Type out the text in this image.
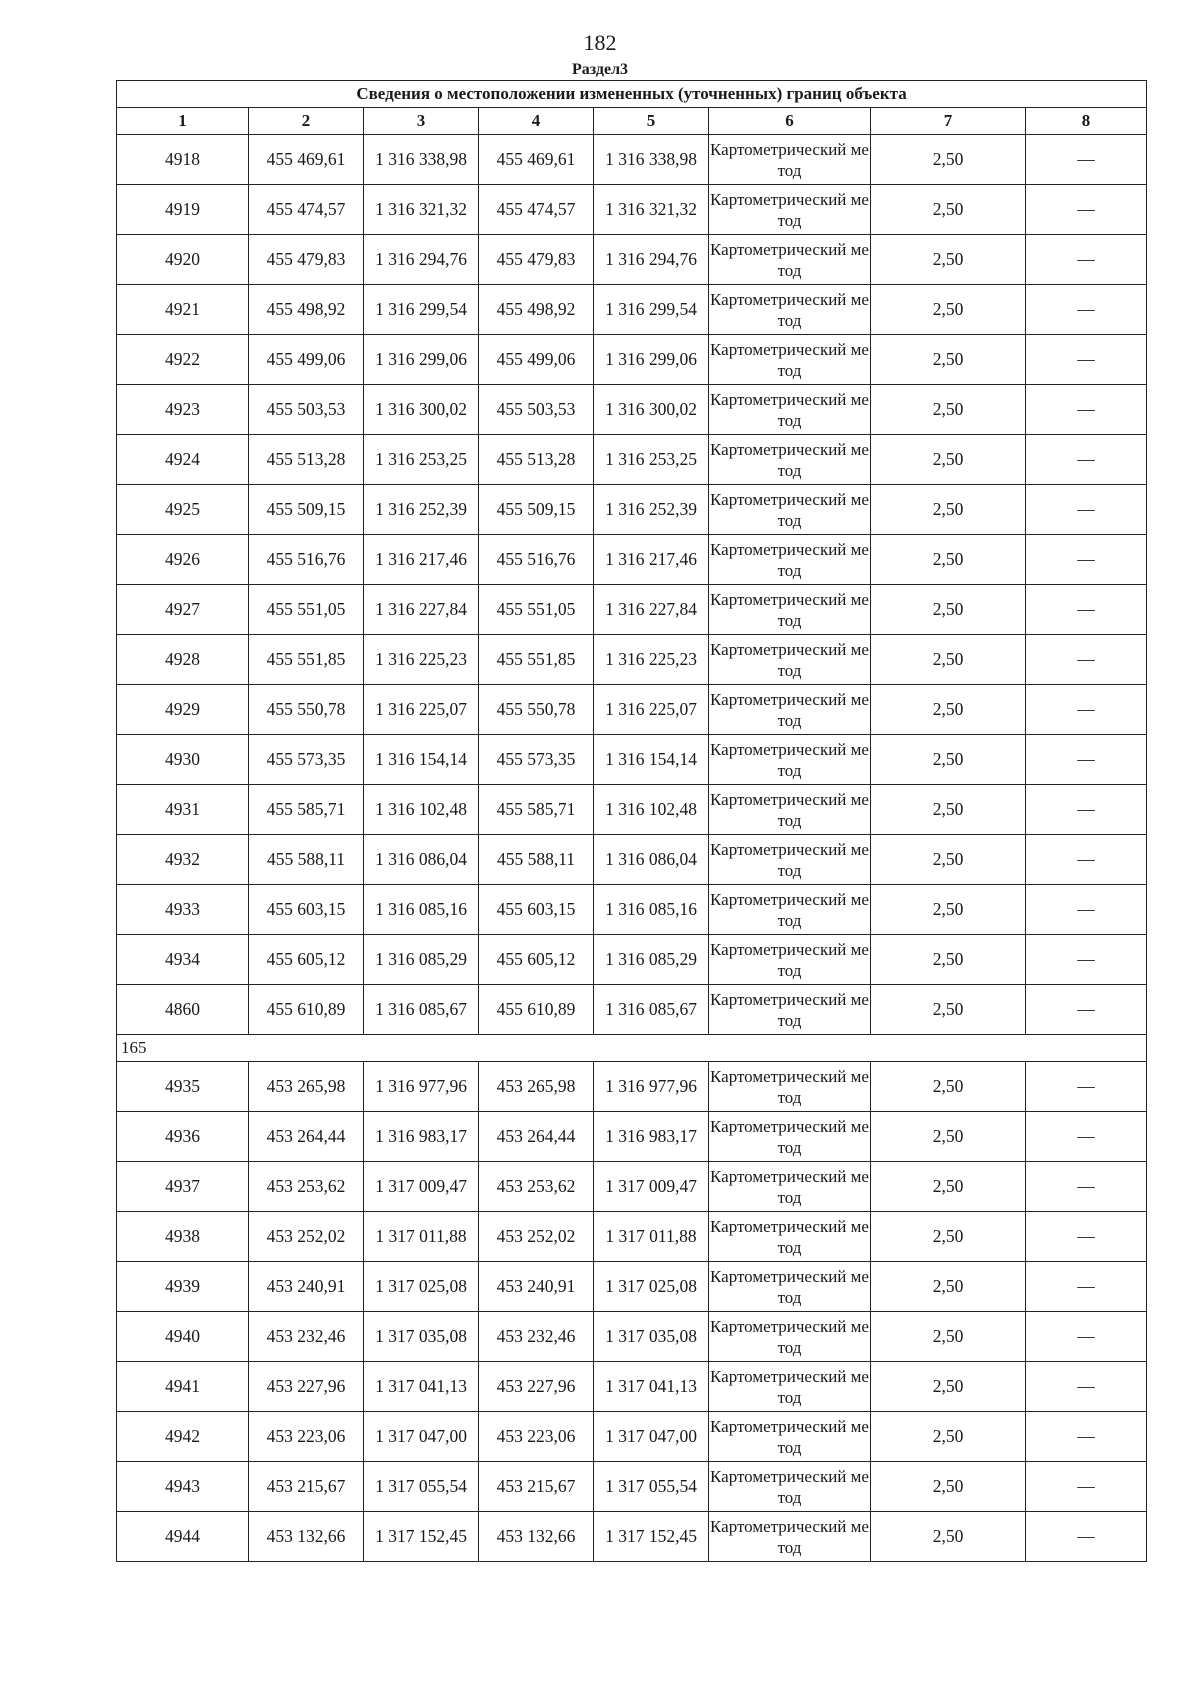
182
Раздел3
Сведения о местоположении измененных (уточненных) границ объекта							
1	2	3	4	5	6	7	8
4918	455 469,61	1 316 338,98	455 469,61	1 316 338,98	Картометрический метод	2,50	—
4919	455 474,57	1 316 321,32	455 474,57	1 316 321,32	Картометрический метод	2,50	—
4920	455 479,83	1 316 294,76	455 479,83	1 316 294,76	Картометрический метод	2,50	—
4921	455 498,92	1 316 299,54	455 498,92	1 316 299,54	Картометрический метод	2,50	—
4922	455 499,06	1 316 299,06	455 499,06	1 316 299,06	Картометрический метод	2,50	—
4923	455 503,53	1 316 300,02	455 503,53	1 316 300,02	Картометрический метод	2,50	—
4924	455 513,28	1 316 253,25	455 513,28	1 316 253,25	Картометрический метод	2,50	—
4925	455 509,15	1 316 252,39	455 509,15	1 316 252,39	Картометрический метод	2,50	—
4926	455 516,76	1 316 217,46	455 516,76	1 316 217,46	Картометрический метод	2,50	—
4927	455 551,05	1 316 227,84	455 551,05	1 316 227,84	Картометрический метод	2,50	—
4928	455 551,85	1 316 225,23	455 551,85	1 316 225,23	Картометрический метод	2,50	—
4929	455 550,78	1 316 225,07	455 550,78	1 316 225,07	Картометрический метод	2,50	—
4930	455 573,35	1 316 154,14	455 573,35	1 316 154,14	Картометрический метод	2,50	—
4931	455 585,71	1 316 102,48	455 585,71	1 316 102,48	Картометрический метод	2,50	—
4932	455 588,11	1 316 086,04	455 588,11	1 316 086,04	Картометрический метод	2,50	—
4933	455 603,15	1 316 085,16	455 603,15	1 316 085,16	Картометрический метод	2,50	—
4934	455 605,12	1 316 085,29	455 605,12	1 316 085,29	Картометрический метод	2,50	—
4860	455 610,89	1 316 085,67	455 610,89	1 316 085,67	Картометрический метод	2,50	—
165							
4935	453 265,98	1 316 977,96	453 265,98	1 316 977,96	Картометрический метод	2,50	—
4936	453 264,44	1 316 983,17	453 264,44	1 316 983,17	Картометрический метод	2,50	—
4937	453 253,62	1 317 009,47	453 253,62	1 317 009,47	Картометрический метод	2,50	—
4938	453 252,02	1 317 011,88	453 252,02	1 317 011,88	Картометрический метод	2,50	—
4939	453 240,91	1 317 025,08	453 240,91	1 317 025,08	Картометрический метод	2,50	—
4940	453 232,46	1 317 035,08	453 232,46	1 317 035,08	Картометрический метод	2,50	—
4941	453 227,96	1 317 041,13	453 227,96	1 317 041,13	Картометрический метод	2,50	—
4942	453 223,06	1 317 047,00	453 223,06	1 317 047,00	Картометрический метод	2,50	—
4943	453 215,67	1 317 055,54	453 215,67	1 317 055,54	Картометрический метод	2,50	—
4944	453 132,66	1 317 152,45	453 132,66	1 317 152,45	Картометрический метод	2,50	—
